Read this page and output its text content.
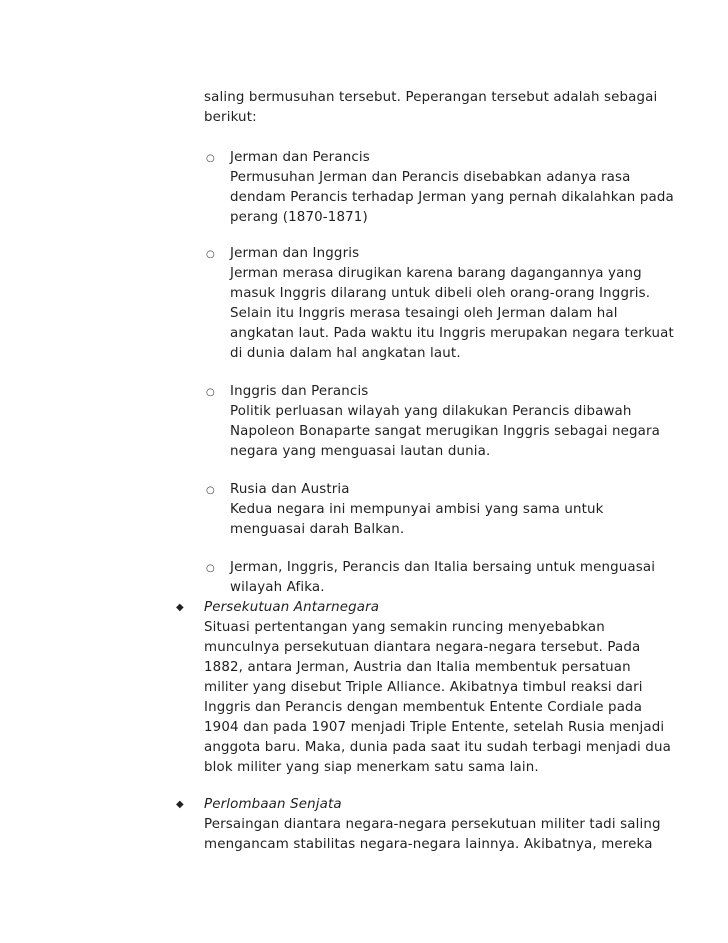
saling bermusuhan tersebut. Peperangan tersebut adalah sebagai
berikut:
○ Jerman dan Perancis
Permusuhan Jerman dan Perancis disebabkan adanya rasa
dendam Perancis terhadap Jerman yang pernah dikalahkan pada
perang (1870-1871)
○ Jerman dan Inggris
Jerman merasa dirugikan karena barang dagangannya yang
masuk Inggris dilarang untuk dibeli oleh orang-orang Inggris.
Selain itu Inggris merasa tesaingi oleh Jerman dalam hal
angkatan laut. Pada waktu itu Inggris merupakan negara terkuat
di dunia dalam hal angkatan laut.
○ Inggris dan Perancis
Politik perluasan wilayah yang dilakukan Perancis dibawah
Napoleon Bonaparte sangat merugikan Inggris sebagai negara
negara yang menguasai lautan dunia.
○ Rusia dan Austria
Kedua negara ini mempunyai ambisi yang sama untuk
menguasai darah Balkan.
○ Jerman, Inggris, Perancis dan Italia bersaing untuk menguasai
wilayah Afika.
◆ Persekutuan Antarnegara
Situasi pertentangan yang semakin runcing menyebabkan
munculnya persekutuan diantara negara-negara tersebut. Pada
1882, antara Jerman, Austria dan Italia membentuk persatuan
militer yang disebut Triple Alliance. Akibatnya timbul reaksi dari
Inggris dan Perancis dengan membentuk Entente Cordiale pada
1904 dan pada 1907 menjadi Triple Entente, setelah Rusia menjadi
anggota baru. Maka, dunia pada saat itu sudah terbagi menjadi dua
blok militer yang siap menerkam satu sama lain.
◆ Perlombaan Senjata
Persaingan diantara negara-negara persekutuan militer tadi saling
mengancam stabilitas negara-negara lainnya. Akibatnya, mereka
